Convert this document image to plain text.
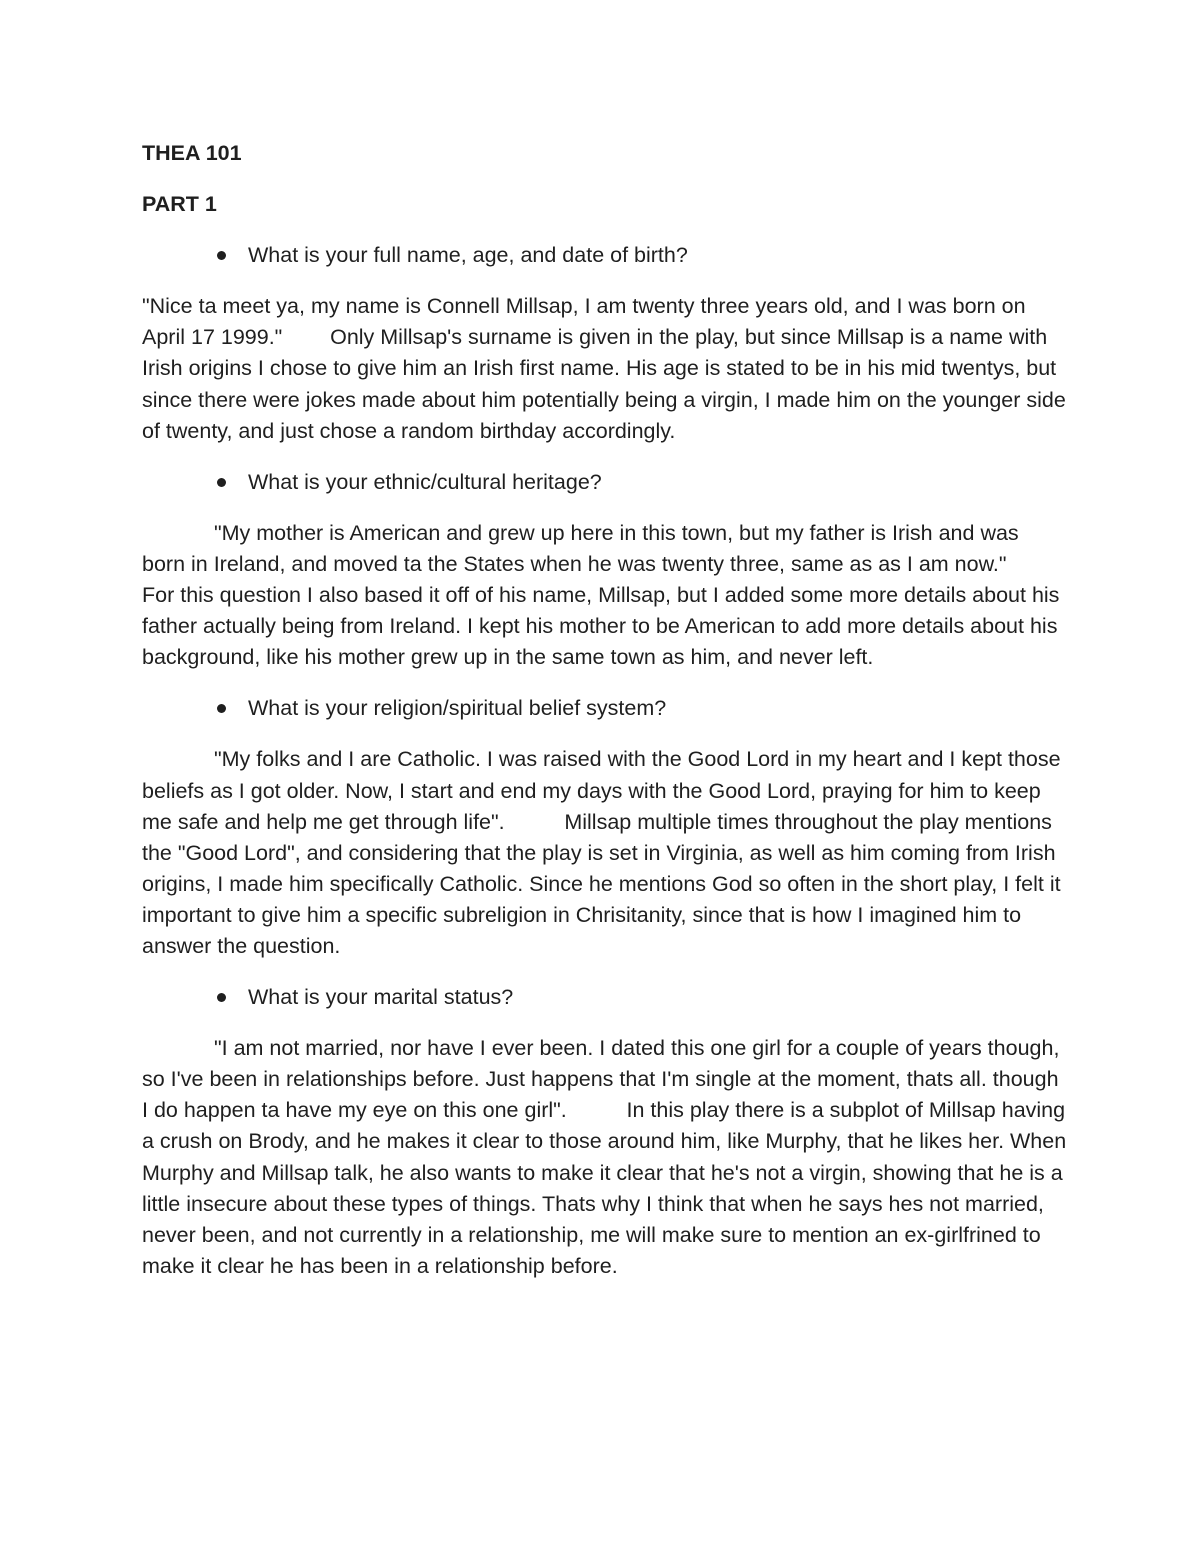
THEA 101

PART 1

What is your full name, age, and date of birth?

"Nice ta meet ya, my name is Connell Millsap, I am twenty three years old, and I was born on April 17 1999."        Only Millsap's surname is given in the play, but since Millsap is a name with Irish origins I chose to give him an Irish first name. His age is stated to be in his mid twentys, but since there were jokes made about him potentially being a virgin, I made him on the younger side of twenty, and just chose a random birthday accordingly.

What is your ethnic/cultural heritage?

"My mother is American and grew up here in this town, but my father is Irish and was born in Ireland, and moved ta the States when he was twenty three, same as as I am now."                For this question I also based it off of his name, Millsap, but I added some more details about his father actually being from Ireland. I kept his mother to be American to add more details about his background, like his mother grew up in the same town as him, and never left.

What is your religion/spiritual belief system?

"My folks and I are Catholic. I was raised with the Good Lord in my heart and I kept those beliefs as I got older. Now, I start and end my days with the Good Lord, praying for him to keep me safe and help me get through life".          Millsap multiple times throughout the play mentions the "Good Lord", and considering that the play is set in Virginia, as well as him coming from Irish origins, I made him specifically Catholic. Since he mentions God so often in the short play, I felt it important to give him a specific subreligion in Chrisitanity, since that is how I imagined him to answer the question.

What is your marital status?

"I am not married, nor have I ever been. I dated this one girl for a couple of years though, so I've been in relationships before. Just happens that I'm single at the moment, thats all. though I do happen ta have my eye on this one girl".          In this play there is a subplot of Millsap having a crush on Brody, and he makes it clear to those around him, like Murphy, that he likes her. When Murphy and Millsap talk, he also wants to make it clear that he's not a virgin, showing that he is a little insecure about these types of things. Thats why I think that when he says hes not married, never been, and not currently in a relationship, me will make sure to mention an ex-girlfrined to make it clear he has been in a relationship before.
